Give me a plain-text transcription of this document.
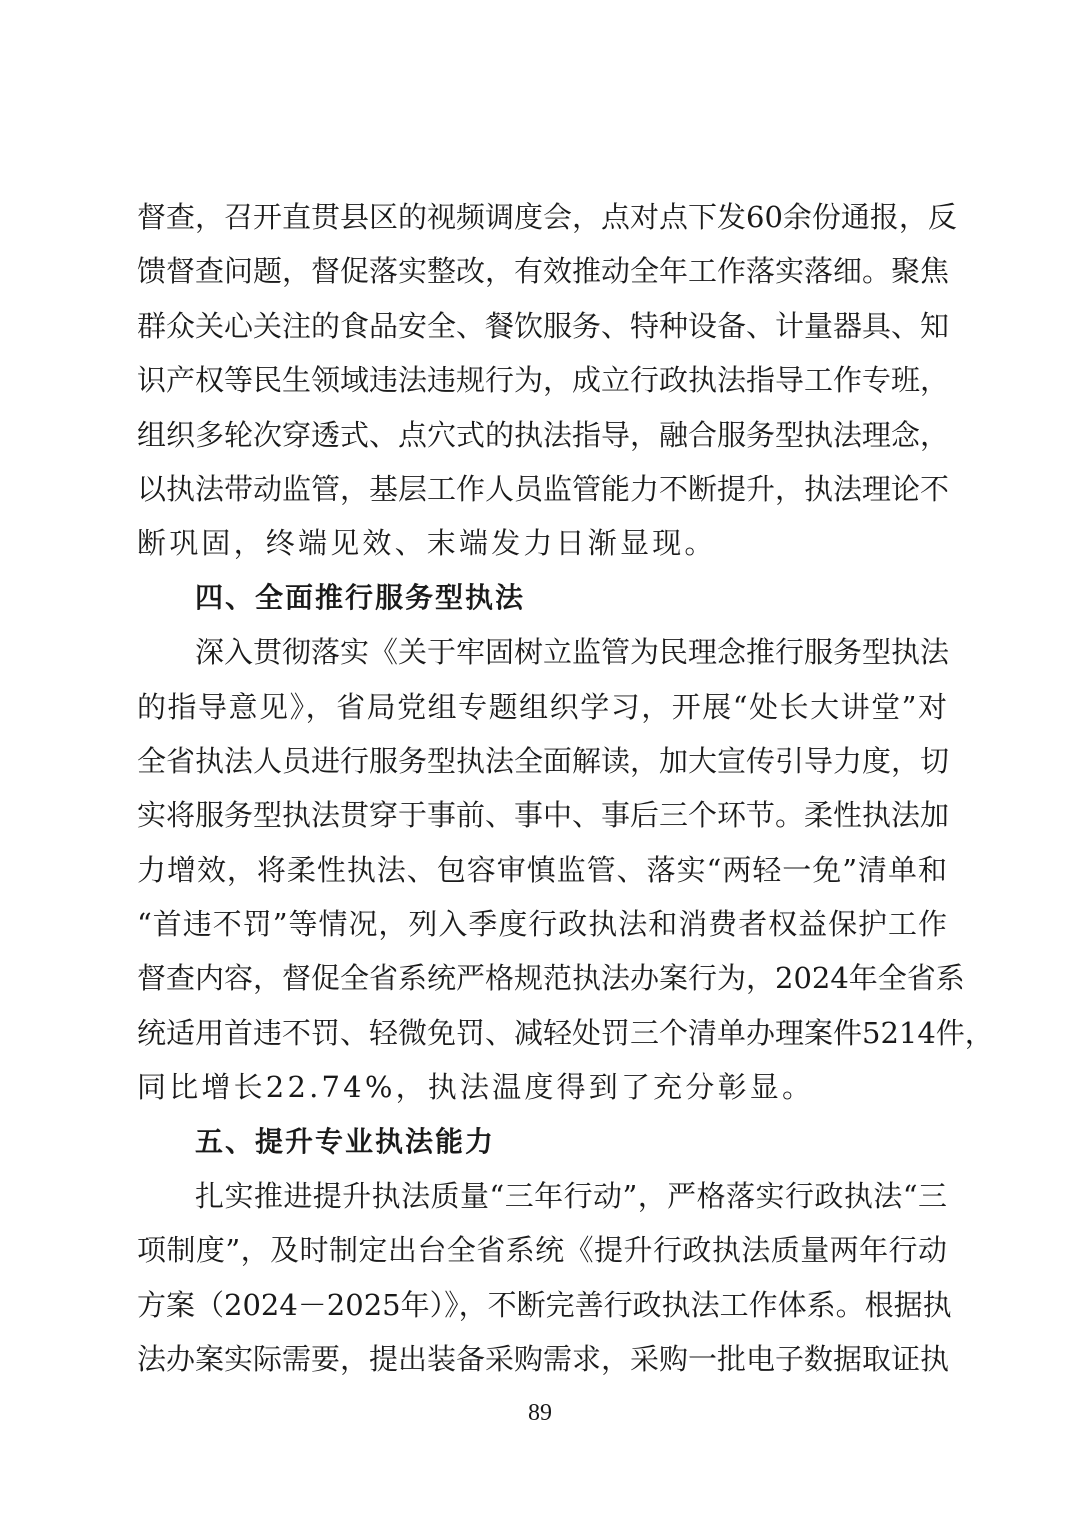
督查，召开直贯县区的视频调度会，点对点下发60余份通报，反
馈督查问题，督促落实整改，有效推动全年工作落实落细。聚焦
群众关心关注的食品安全、餐饮服务、特种设备、计量器具、知
识产权等民生领域违法违规行为，成立行政执法指导工作专班，
组织多轮次穿透式、点穴式的执法指导，融合服务型执法理念，
以执法带动监管，基层工作人员监管能力不断提升，执法理论不
断巩固，终端见效、末端发力日渐显现。
四、全面推行服务型执法
深入贯彻落实《关于牢固树立监管为民理念推行服务型执法
的指导意见》，省局党组专题组织学习，开展“处长大讲堂”对
全省执法人员进行服务型执法全面解读，加大宣传引导力度，切
实将服务型执法贯穿于事前、事中、事后三个环节。柔性执法加
力增效，将柔性执法、包容审慎监管、落实“两轻一免”清单和
“首违不罚”等情况，列入季度行政执法和消费者权益保护工作
督查内容，督促全省系统严格规范执法办案行为，2024年全省系
统适用首违不罚、轻微免罚、减轻处罚三个清单办理案件5214件，
同比增长22.74%，执法温度得到了充分彰显。
五、提升专业执法能力
扎实推进提升执法质量“三年行动”，严格落实行政执法“三
项制度”，及时制定出台全省系统《提升行政执法质量两年行动
方案（2024－2025年）》，不断完善行政执法工作体系。根据执
法办案实际需要，提出装备采购需求，采购一批电子数据取证执
89
